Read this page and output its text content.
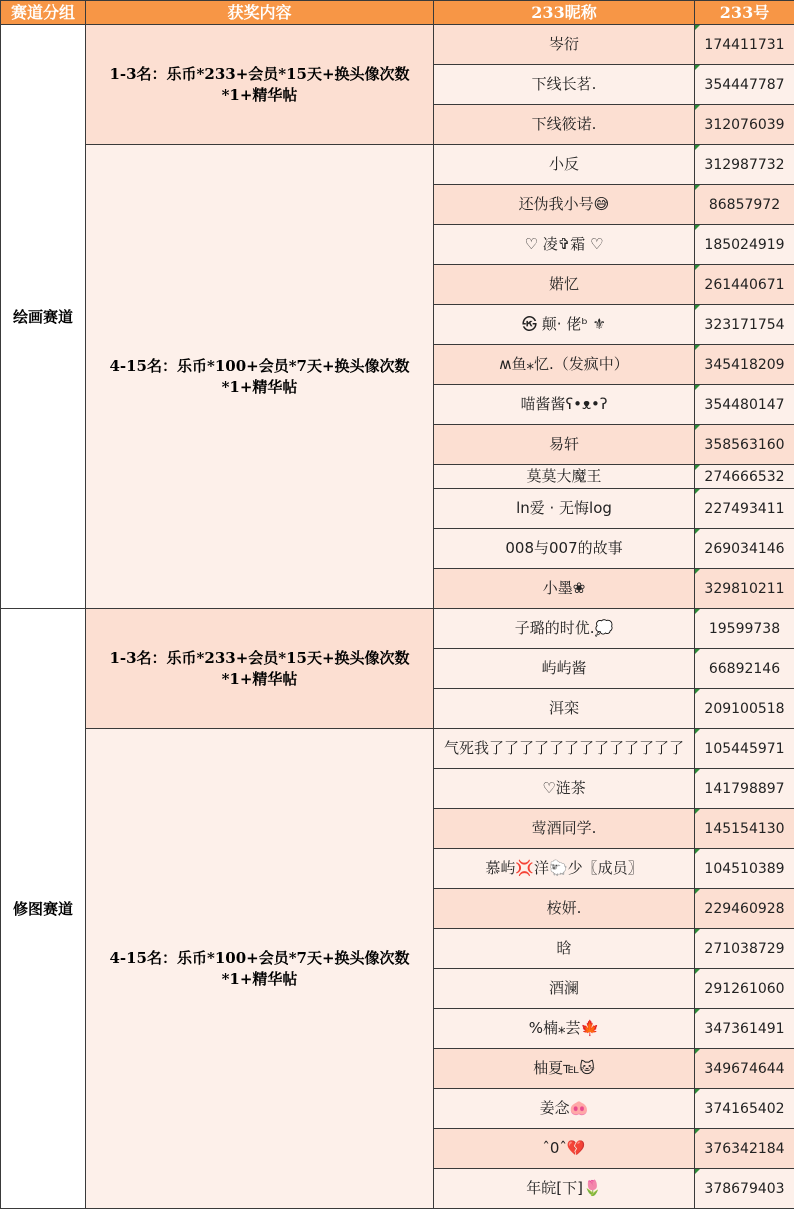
赛道分组	获奖内容	233昵称	233号
绘画赛道	1-3名：乐币*233+会员*15天+换头像次数*1+精华帖	岑衍	174411731
		下线长茗.	354447787
		下线筱诺.	312076039
	4-15名：乐币*100+会员*7天+换头像次数*1+精华帖	小反	312987732
		还伪我小号😅	86857972
		♡ 凌✞霜 ♡	185024919
		婼忆	261440671
		㉿ 颠· 佬ᵇ ⚜	323171754
		ʍ鱼⁎忆.（发疯中）	345418209
		喵酱酱ʕ•ᴥ•ʔ	354480147
		易轩	358563160
		莫莫大魔王	274666532
		ln爱 · 无悔log	227493411
		008与007的故事	269034146
		小墨❀	329810211
修图赛道	1-3名：乐币*233+会员*15天+换头像次数*1+精华帖	子璐的时优.💭	19599738
		屿屿酱	66892146
		洱栾	209100518
	4-15名：乐币*100+会员*7天+换头像次数*1+精华帖	气死我了了了了了了了了了了了了了	105445971
		♡涟茶	141798897
		莺酒同学.	145154130
		慕屿💢洋🐑少〖成员〗	104510389
		桉妍.	229460928
		晗	271038729
		酒澜	291261060
		%楠⁎芸🍁	347361491
		柚夏℡🐱	349674644
		姜念🐽	374165402
		ˆ0ˆ💔	376342184
		年皖[下]🌷	378679403
